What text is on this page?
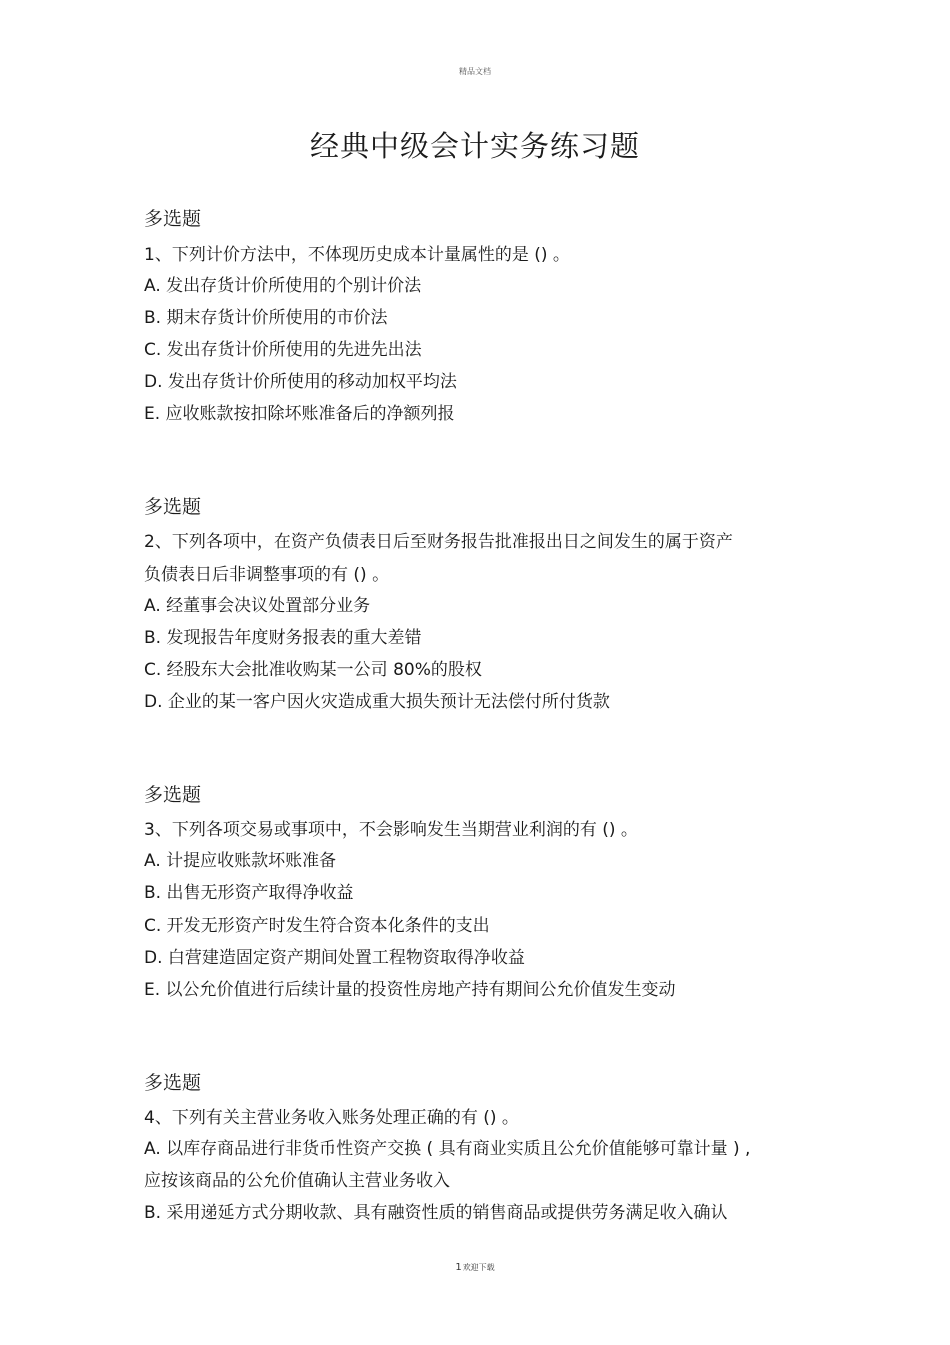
精品文档
经典中级会计实务练习题
多选题
1、下列计价方法中，不体现历史成本计量属性的是 () 。
A. 发出存货计价所使用的个别计价法
B. 期末存货计价所使用的市价法
C. 发出存货计价所使用的先进先出法
D. 发出存货计价所使用的移动加权平均法
E. 应收账款按扣除坏账准备后的净额列报
多选题
2、下列各项中，在资产负债表日后至财务报告批准报出日之间发生的属于资产
负债表日后非调整事项的有 () 。
A. 经董事会决议处置部分业务
B. 发现报告年度财务报表的重大差错
C. 经股东大会批准收购某一公司 80%的股权
D. 企业的某一客户因火灾造成重大损失预计无法偿付所付货款
多选题
3、下列各项交易或事项中，不会影响发生当期营业利润的有 () 。
A. 计提应收账款坏账准备
B. 出售无形资产取得净收益
C. 开发无形资产时发生符合资本化条件的支出
D. 白营建造固定资产期间处置工程物资取得净收益
E. 以公允价值进行后续计量的投资性房地产持有期间公允价值发生变动
多选题
4、下列有关主营业务收入账务处理正确的有 () 。
A. 以库存商品进行非货币性资产交换 ( 具有商业实质且公允价值能够可靠计量 ) ,
应按该商品的公允价值确认主营业务收入
B. 采用递延方式分期收款、具有融资性质的销售商品或提供劳务满足收入确认
1欢迎下载
